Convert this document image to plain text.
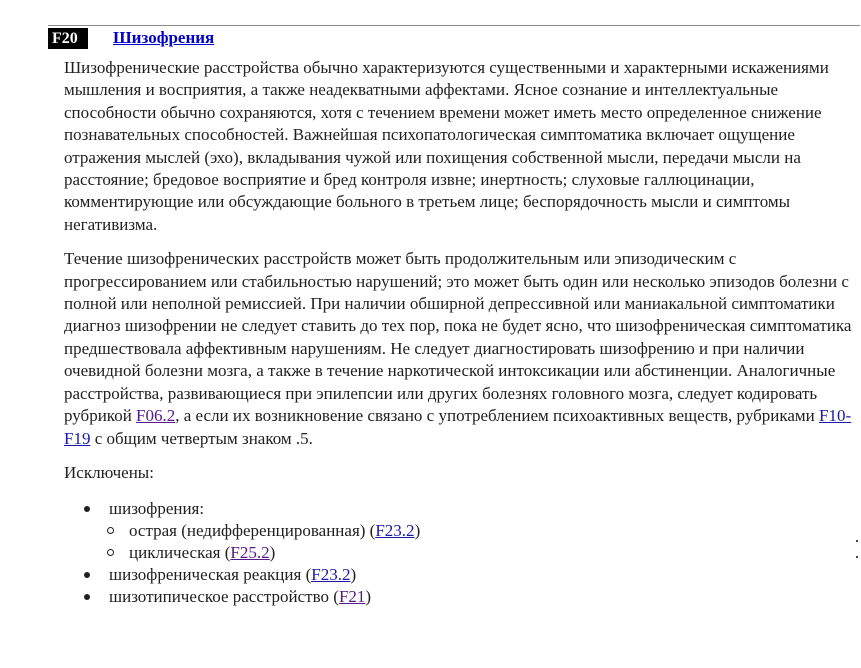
F20	Шизофрения

Шизофренические расстройства обычно характеризуются существенными и характерными искажениями мышления и восприятия, а также неадекватными аффектами. Ясное сознание и интеллектуальные способности обычно сохраняются, хотя с течением времени может иметь место определенное снижение познавательных способностей. Важнейшая психопатологическая симптоматика включает ощущение отражения мыслей (эхо), вкладывания чужой или похищения собственной мысли, передачи мысли на расстояние; бредовое восприятие и бред контроля извне; инертность; слуховые галлюцинации, комментирующие или обсуждающие больного в третьем лице; беспорядочность мысли и симптомы негативизма.

Течение шизофренических расстройств может быть продолжительным или эпизодическим с прогрессированием или стабильностью нарушений; это может быть один или несколько эпизодов болезни с полной или неполной ремиссией. При наличии обширной депрессивной или маниакальной симптоматики диагноз шизофрении не следует ставить до тех пор, пока не будет ясно, что шизофреническая симптоматика предшествовала аффективным нарушениям. Не следует диагностировать шизофрению и при наличии очевидной болезни мозга, а также в течение наркотической интоксикации или абстиненции. Аналогичные расстройства, развивающиеся при эпилепсии или других болезнях головного мозга, следует кодировать рубрикой F06.2, а если их возникновение связано с употреблением психоактивных веществ, рубриками F10-F19 с общим четвертым знаком .5.

Исключены:

шизофрения:
острая (недифференцированная) (F23.2)
циклическая (F25.2)
шизофреническая реакция (F23.2)
шизотипическое расстройство (F21)
